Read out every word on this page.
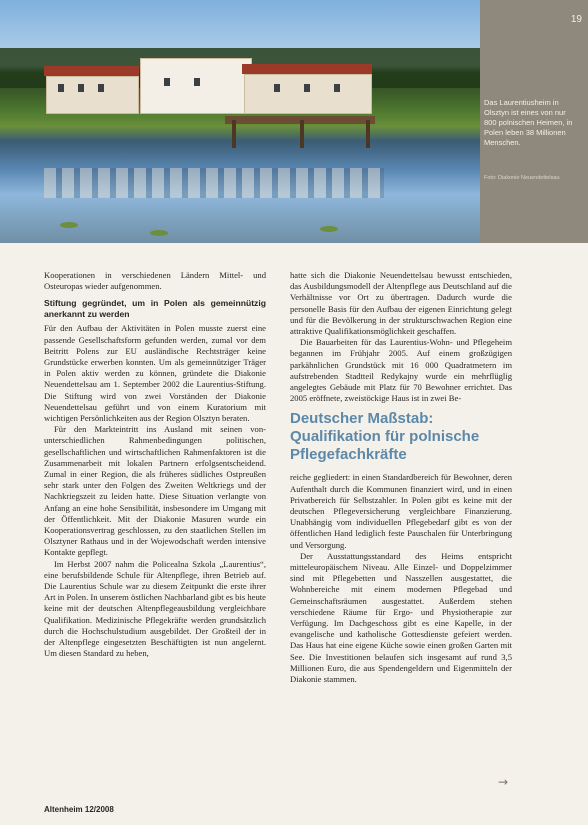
19
Das Laurentiusheim in Olsztyn ist eines von nur 800 polnischen Heimen, in Polen leben 38 Millionen Menschen.
Foto: Diakonie Neuendettelsau

Kooperationen in verschiedenen Ländern Mittel- und Osteuropas wieder aufgenommen.

Stiftung gegründet, um in Polen als gemeinnützig anerkannt zu werden

Für den Aufbau der Aktivitäten in Polen musste zuerst eine passende Gesellschaftsform gefunden werden, zumal vor dem Beitritt Polens zur EU ausländische Rechtsträger keine Grundstücke erwerben konnten. Um als gemeinnütziger Träger in Polen aktiv werden zu können, gründete die Diakonie Neuendettelsau am 1. September 2002 die Laurentius-Stiftung. Die Stiftung wird von zwei Vorständen der Diakonie Neuendettelsau geführt und von einem Kuratorium mit wichtigen Persönlichkeiten aus der Region Olsztyn beraten.

Für den Markteintritt ins Ausland mit seinen von- unterschiedlichen Rahmenbedingungen politischen, gesellschaftlichen und wirtschaftlichen Rahmenfaktoren ist die Zusammenarbeit mit lokalen Partnern erfolgsentscheidend. Zumal in einer Region, die als früheres südliches Ostpreußen sehr stark unter den Folgen des Zweiten Weltkriegs und der Nachkriegszeit zu leiden hatte. Diese Situation verlangte von Anfang an eine hohe Sensibilität, insbesondere im Umgang mit der Öffentlichkeit. Mit der Diakonie Masuren wurde ein Kooperationsvertrag geschlossen, zu den staatlichen Stellen im Olsztyner Rathaus und in der Wojewodschaft werden intensive Kontakte gepflegt.

Im Herbst 2007 nahm die Policealna Szkola „Laurentius“, eine berufsbildende Schule für Altenpflege, ihren Betrieb auf. Die Laurentius Schule war zu diesem Zeitpunkt die erste ihrer Art in Polen. In unserem östlichen Nachbarland gibt es bis heute keine mit der deutschen Altenpflegeausbildung vergleichbare Qualifikation. Medizinische Pflegekräfte werden grundsätzlich durch die Hochschulstudium ausgebildet. Der Großteil der in der Altenpflege eingesetzten Beschäftigten ist nun angelernt. Um diesen Standard zu heben,

hatte sich die Diakonie Neuendettelsau bewusst entschieden, das Ausbildungsmodell der Altenpflege aus Deutschland auf die Verhältnisse vor Ort zu übertragen. Dadurch wurde die personelle Basis für den Aufbau der eigenen Einrichtung gelegt und für die Bevölkerung in der strukturschwachen Region eine attraktive Qualifikationsmöglichkeit geschaffen.

Die Bauarbeiten für das Laurentius-Wohn- und Pflegeheim begannen im Frühjahr 2005. Auf einem großzügigen parkähnlichen Grundstück mit 16 000 Quadratmetern im aufstrebenden Stadtteil Redykajny wurde ein mehrflüglig angelegtes Gebäude mit Platz für 70 Bewohner errichtet. Das 2005 eröffnete, zweistöckige Haus ist in zwei Be-

Deutscher Maßstab: Qualifikation für polnische Pflegefachkräfte

reiche gegliedert: in einen Standardbereich für Bewohner, deren Aufenthalt durch die Kommunen finanziert wird, und in einen Privatbereich für Selbstzahler. In Polen gibt es keine mit der deutschen Pflegeversicherung vergleichbare Finanzierung. Unabhängig vom individuellen Pflegebedarf gibt es von der öffentlichen Hand lediglich feste Pauschalen für Unterbringung und Versorgung.

Der Ausstattungsstandard des Heims entspricht mitteleuropäischem Niveau. Alle Einzel- und Doppelzimmer sind mit Pflegebetten und Nasszellen ausgestattet, die Wohnbereiche mit einem modernen Pflegebad und Gemeinschaftsräumen ausgestattet. Außerdem stehen verschiedene Räume für Ergo- und Physiotherapie zur Verfügung. Im Dachgeschoss gibt es eine Kapelle, in der evangelische und katholische Gottesdienste gefeiert werden. Das Haus hat eine eigene Küche sowie einen großen Garten mit See. Die Investitionen belaufen sich insgesamt auf rund 3,5 Millionen Euro, die aus Spendengeldern und Eigenmitteln der Diakonie stammen.

→
Altenheim 12/2008
